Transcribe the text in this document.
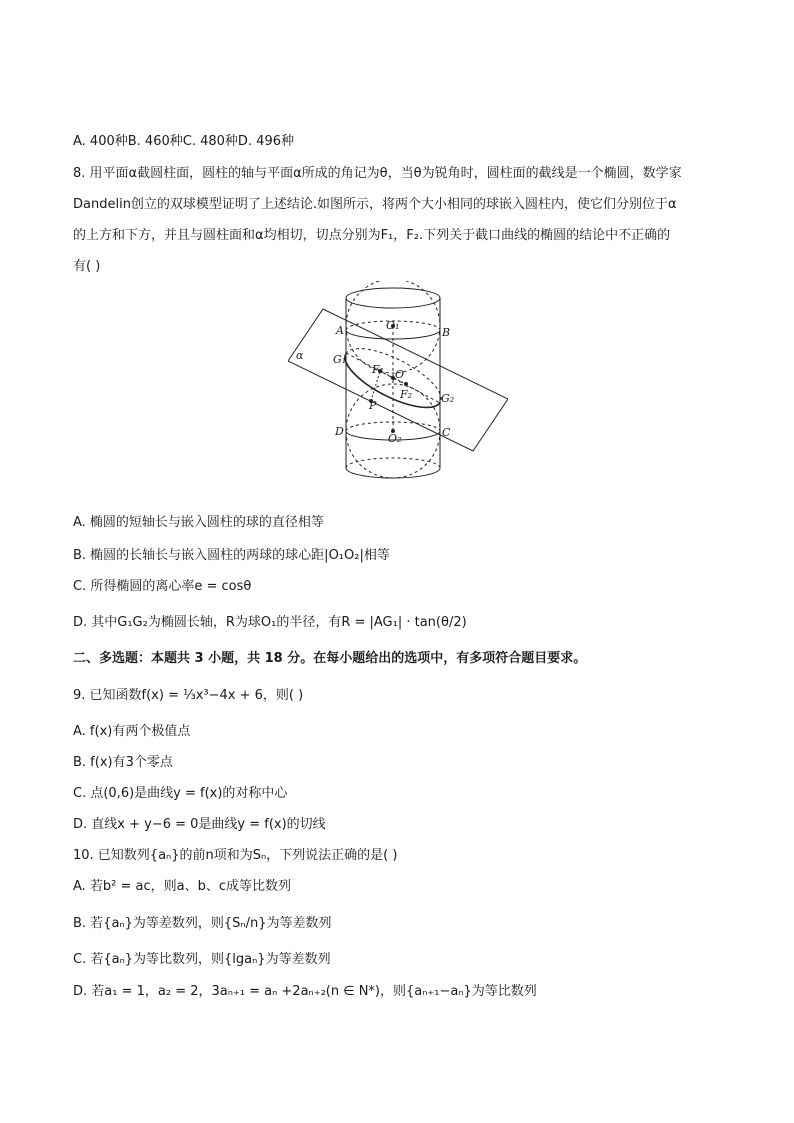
A. 400种B. 460种C. 480种D. 496种
8. 用平面α截圆柱面，圆柱的轴与平面α所成的角记为θ，当θ为锐角时，圆柱面的截线是一个椭圆，数学家
Dandelin创立的双球模型证明了上述结论.如图所示，将两个大小相同的球嵌入圆柱内，使它们分别位于α
的上方和下方，并且与圆柱面和α均相切，切点分别为F₁，F₂.下列关于截口曲线的椭圆的结论中不正确的
有( )
A	B
C
D
O₁
O₂
O
F₁
F₂
G₁
G₂
P
α
A. 椭圆的短轴长与嵌入圆柱的球的直径相等
B. 椭圆的长轴长与嵌入圆柱的两球的球心距|O₁O₂|相等
C. 所得椭圆的离心率e = cosθ
D. 其中G₁G₂为椭圆长轴，R为球O₁的半径，有R = |AG₁| · tan(θ/2)
二、多选题：本题共 3 小题，共 18 分。在每小题给出的选项中，有多项符合题目要求。
9. 已知函数f(x) = ⅓x³−4x + 6，则( )
A. f(x)有两个极值点
B. f(x)有3个零点
C. 点(0,6)是曲线y = f(x)的对称中心
D. 直线x + y−6 = 0是曲线y = f(x)的切线
10. 已知数列{aₙ}的前n项和为Sₙ，下列说法正确的是( )
A. 若b² = ac，则a、b、c成等比数列
B. 若{aₙ}为等差数列，则{Sₙ/n}为等差数列
C. 若{aₙ}为等比数列，则{lgaₙ}为等差数列
D. 若a₁ = 1，a₂ = 2，3aₙ₊₁ = aₙ +2aₙ₊₂(n ∈ N*)，则{aₙ₊₁−aₙ}为等比数列
